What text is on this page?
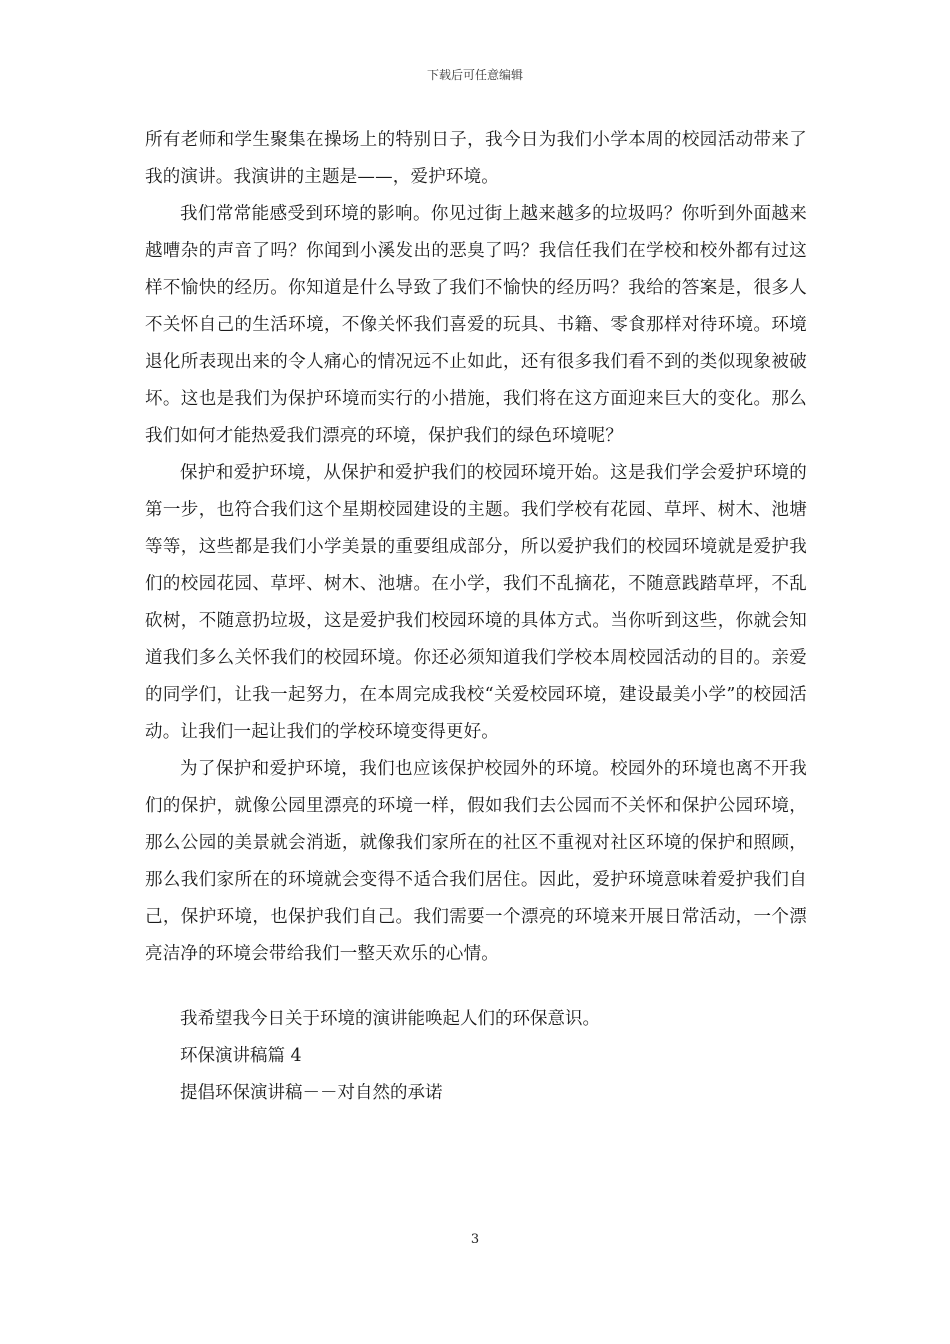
下载后可任意编辑

所有老师和学生聚集在操场上的特别日子，我今日为我们小学本周的校园活动带来了我的演讲。我演讲的主题是——，爱护环境。

我们常常能感受到环境的影响。你见过街上越来越多的垃圾吗？你听到外面越来越嘈杂的声音了吗？你闻到小溪发出的恶臭了吗？我信任我们在学校和校外都有过这样不愉快的经历。你知道是什么导致了我们不愉快的经历吗？我给的答案是，很多人不关怀自己的生活环境，不像关怀我们喜爱的玩具、书籍、零食那样对待环境。环境退化所表现出来的令人痛心的情况远不止如此，还有很多我们看不到的类似现象被破坏。这也是我们为保护环境而实行的小措施，我们将在这方面迎来巨大的变化。那么我们如何才能热爱我们漂亮的环境，保护我们的绿色环境呢？

保护和爱护环境，从保护和爱护我们的校园环境开始。这是我们学会爱护环境的第一步，也符合我们这个星期校园建设的主题。我们学校有花园、草坪、树木、池塘等等，这些都是我们小学美景的重要组成部分，所以爱护我们的校园环境就是爱护我们的校园花园、草坪、树木、池塘。在小学，我们不乱摘花，不随意践踏草坪，不乱砍树，不随意扔垃圾，这是爱护我们校园环境的具体方式。当你听到这些，你就会知道我们多么关怀我们的校园环境。你还必须知道我们学校本周校园活动的目的。亲爱的同学们，让我一起努力，在本周完成我校“关爱校园环境，建设最美小学”的校园活动。让我们一起让我们的学校环境变得更好。

为了保护和爱护环境，我们也应该保护校园外的环境。校园外的环境也离不开我们的保护，就像公园里漂亮的环境一样，假如我们去公园而不关怀和保护公园环境，那么公园的美景就会消逝，就像我们家所在的社区不重视对社区环境的保护和照顾，那么我们家所在的环境就会变得不适合我们居住。因此，爱护环境意味着爱护我们自己，保护环境，也保护我们自己。我们需要一个漂亮的环境来开展日常活动，一个漂亮洁净的环境会带给我们一整天欢乐的心情。

我希望我今日关于环境的演讲能唤起人们的环保意识。

环保演讲稿篇 4

提倡环保演讲稿－－对自然的承诺

3
